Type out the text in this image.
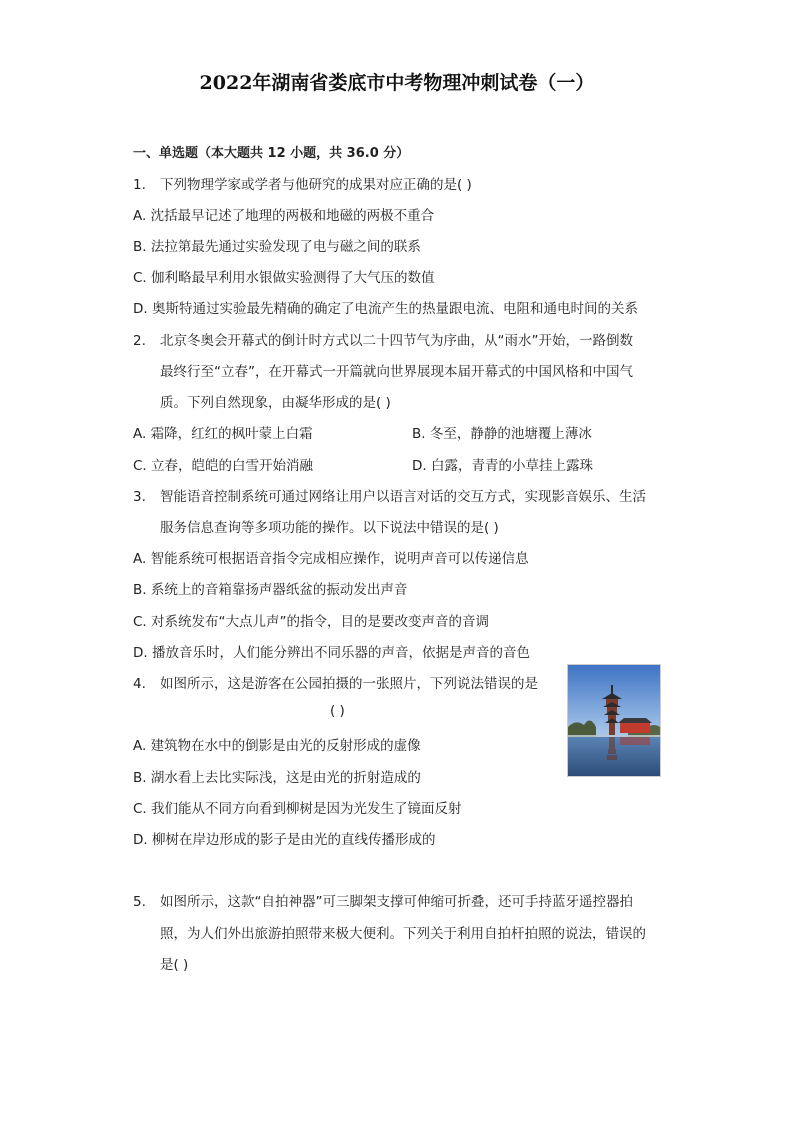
2022年湖南省娄底市中考物理冲刺试卷（一）
一、单选题（本大题共 12 小题，共 36.0 分）
1. 下列物理学家或学者与他研究的成果对应正确的是( )
A. 沈括最早记述了地理的两极和地磁的两极不重合
B. 法拉第最先通过实验发现了电与磁之间的联系
C. 伽利略最早利用水银做实验测得了大气压的数值
D. 奥斯特通过实验最先精确的确定了电流产生的热量跟电流、电阻和通电时间的关系
2. 北京冬奥会开幕式的倒计时方式以二十四节气为序曲，从“雨水”开始，一路倒数
最终行至“立春”，在开幕式一开篇就向世界展现本届开幕式的中国风格和中国气
质。下列自然现象，由凝华形成的是( )
A. 霜降，红红的枫叶蒙上白霜	B. 冬至，静静的池塘覆上薄冰
C. 立春，皑皑的白雪开始消融	D. 白露，青青的小草挂上露珠
3. 智能语音控制系统可通过网络让用户以语言对话的交互方式，实现影音娱乐、生活
服务信息查询等多项功能的操作。以下说法中错误的是( )
A. 智能系统可根据语音指令完成相应操作，说明声音可以传递信息
B. 系统上的音箱靠扬声器纸盆的振动发出声音
C. 对系统发布“大点儿声”的指令，目的是要改变声音的音调
D. 播放音乐时，人们能分辨出不同乐器的声音，依据是声音的音色
4. 如图所示，这是游客在公园拍摄的一张照片，下列说法错误的是
( )
A. 建筑物在水中的倒影是由光的反射形成的虚像
B. 湖水看上去比实际浅，这是由光的折射造成的
C. 我们能从不同方向看到柳树是因为光发生了镜面反射
D. 柳树在岸边形成的影子是由光的直线传播形成的
5. 如图所示，这款“自拍神器”可三脚架支撑可伸缩可折叠，还可手持蓝牙遥控器拍
照，为人们外出旅游拍照带来极大便利。下列关于利用自拍杆拍照的说法，错误的
是( )
